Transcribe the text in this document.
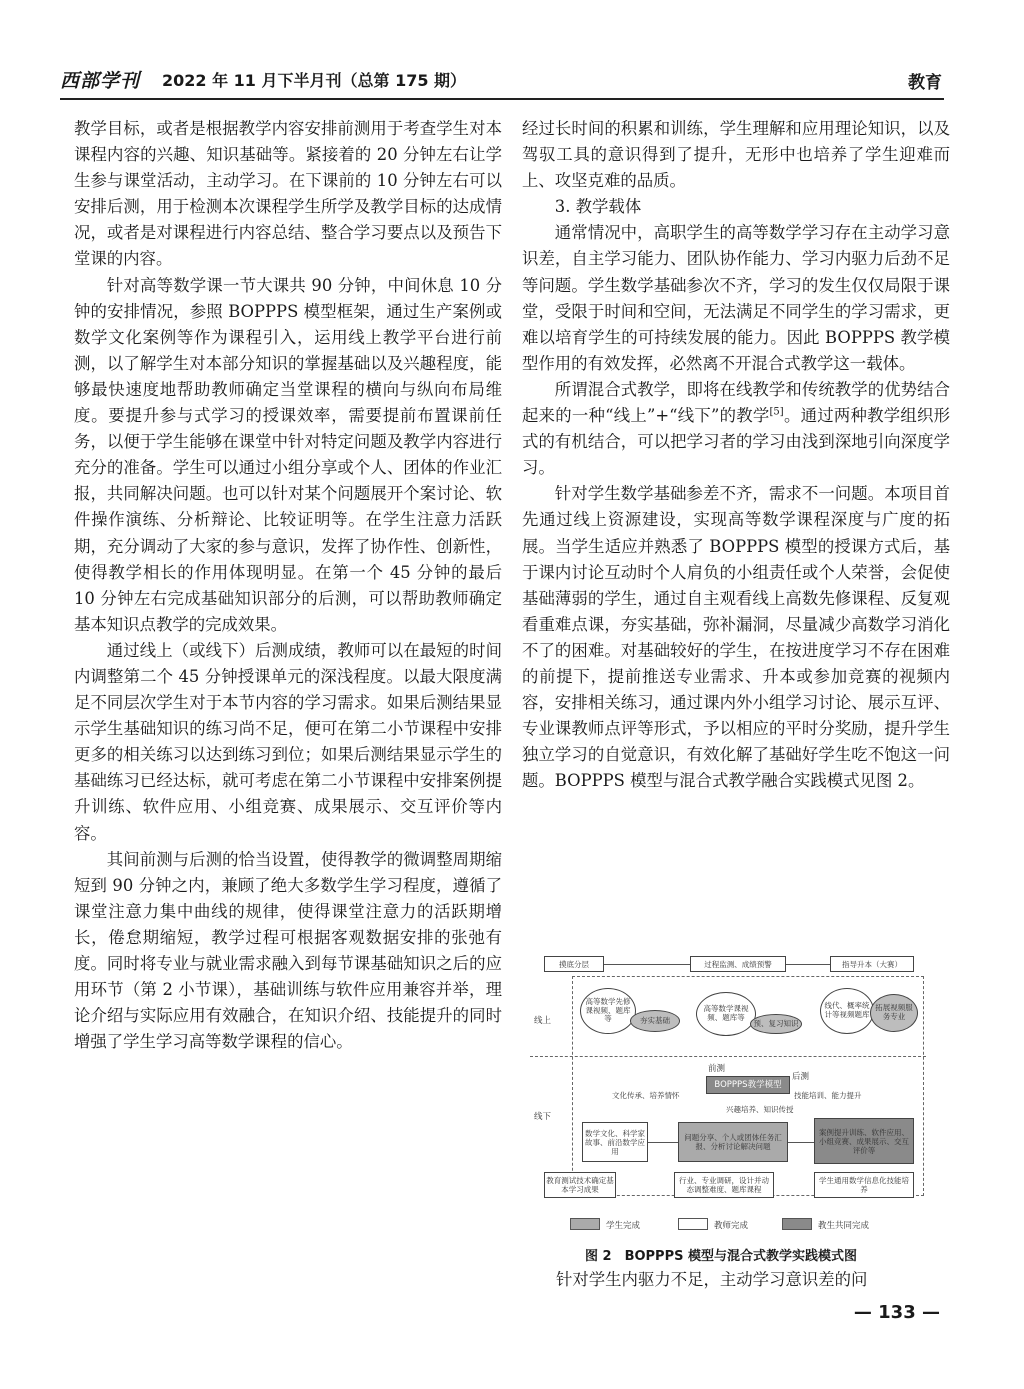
西部学刊 2022 年 11 月下半月刊（总第 175 期）	教育

教学目标，或者是根据教学内容安排前测用于考查学生对本课程内容的兴趣、知识基础等。紧接着的 20 分钟左右让学生参与课堂活动，主动学习。在下课前的 10 分钟左右可以安排后测，用于检测本次课程学生所学及教学目标的达成情况，或者是对课程进行内容总结、整合学习要点以及预告下堂课的内容。

针对高等数学课一节大课共 90 分钟，中间休息 10 分钟的安排情况，参照 BOPPPS 模型框架，通过生产案例或数学文化案例等作为课程引入，运用线上教学平台进行前测，以了解学生对本部分知识的掌握基础以及兴趣程度，能够最快速度地帮助教师确定当堂课程的横向与纵向布局维度。要提升参与式学习的授课效率，需要提前布置课前任务，以便于学生能够在课堂中针对特定问题及教学内容进行充分的准备。学生可以通过小组分享或个人、团体的作业汇报，共同解决问题。也可以针对某个问题展开个案讨论、软件操作演练、分析辩论、比较证明等。在学生注意力活跃期，充分调动了大家的参与意识，发挥了协作性、创新性，使得教学相长的作用体现明显。在第一个 45 分钟的最后 10 分钟左右完成基础知识部分的后测，可以帮助教师确定基本知识点教学的完成效果。

通过线上（或线下）后测成绩，教师可以在最短的时间内调整第二个 45 分钟授课单元的深浅程度。以最大限度满足不同层次学生对于本节内容的学习需求。如果后测结果显示学生基础知识的练习尚不足，便可在第二小节课程中安排更多的相关练习以达到练习到位；如果后测结果显示学生的基础练习已经达标，就可考虑在第二小节课程中安排案例提升训练、软件应用、小组竞赛、成果展示、交互评价等内容。

其间前测与后测的恰当设置，使得教学的微调整周期缩短到 90 分钟之内，兼顾了绝大多数学生学习程度，遵循了课堂注意力集中曲线的规律，使得课堂注意力的活跃期增长，倦怠期缩短，教学过程可根据客观数据安排的张弛有度。同时将专业与就业需求融入到每节课基础知识之后的应用环节（第 2 小节课），基础训练与软件应用兼容并举，理论介绍与实际应用有效融合，在知识介绍、技能提升的同时增强了学生学习高等数学课程的信心。

经过长时间的积累和训练，学生理解和应用理论知识，以及驾驭工具的意识得到了提升，无形中也培养了学生迎难而上、攻坚克难的品质。

3. 教学载体

通常情况中，高职学生的高等数学学习存在主动学习意识差，自主学习能力、团队协作能力、学习内驱力后劲不足等问题。学生数学基础参次不齐，学习的发生仅仅局限于课堂，受限于时间和空间，无法满足不同学生的学习需求，更难以培育学生的可持续发展的能力。因此 BOPPPS 教学模型作用的有效发挥，必然离不开混合式教学这一载体。

所谓混合式教学，即将在线教学和传统教学的优势结合起来的一种“线上”+“线下”的教学[5]。通过两种教学组织形式的有机结合，可以把学习者的学习由浅到深地引向深度学习。

针对学生数学基础参差不齐，需求不一问题。本项目首先通过线上资源建设，实现高等数学课程深度与广度的拓展。当学生适应并熟悉了 BOPPPS 模型的授课方式后，基于课内讨论互动时个人肩负的小组责任或个人荣誉，会促使基础薄弱的学生，通过自主观看线上高数先修课程、反复观看重难点课，夯实基础，弥补漏洞，尽量减少高数学习消化不了的困难。对基础较好的学生，在按进度学习不存在困难的前提下，提前推送专业需求、升本或参加竞赛的视频内容，安排相关练习，通过课内外小组学习讨论、展示互评、专业课教师点评等形式，予以相应的平时分奖励，提升学生独立学习的自觉意识，有效化解了基础好学生吃不饱这一问题。BOPPPS 模型与混合式教学融合实践模式见图 2。

摸底分层	过程监测、成绩预警	指导升本（大赛）
线上
线下
高等数学先修课视频、题库等	夯实基础
高等数学课视频、题库等
预、复习知识
线代、概率统计等视频题库
拓展视频服务专业
前测
后测
BOPPPS教学模型
文化传承、培养情怀	技能培训、能力提升
兴趣培养、知识传授
数学文化、科学家故事、前沿数学应用
问题分享、个人或团体任务汇报、分析讨论解决问题
案例提升训练、软件应用、小组竞赛、成果展示、交互评价等
教育测试技术确定基本学习成果
行业、专业调研，设计并动态调整难度、题库课程
学生通用数学信息化技能培养
学生完成	教师完成	教生共同完成
图 2　BOPPPS 模型与混合式教学实践模式图
针对学生内驱力不足，主动学习意识差的问
— 133 —
